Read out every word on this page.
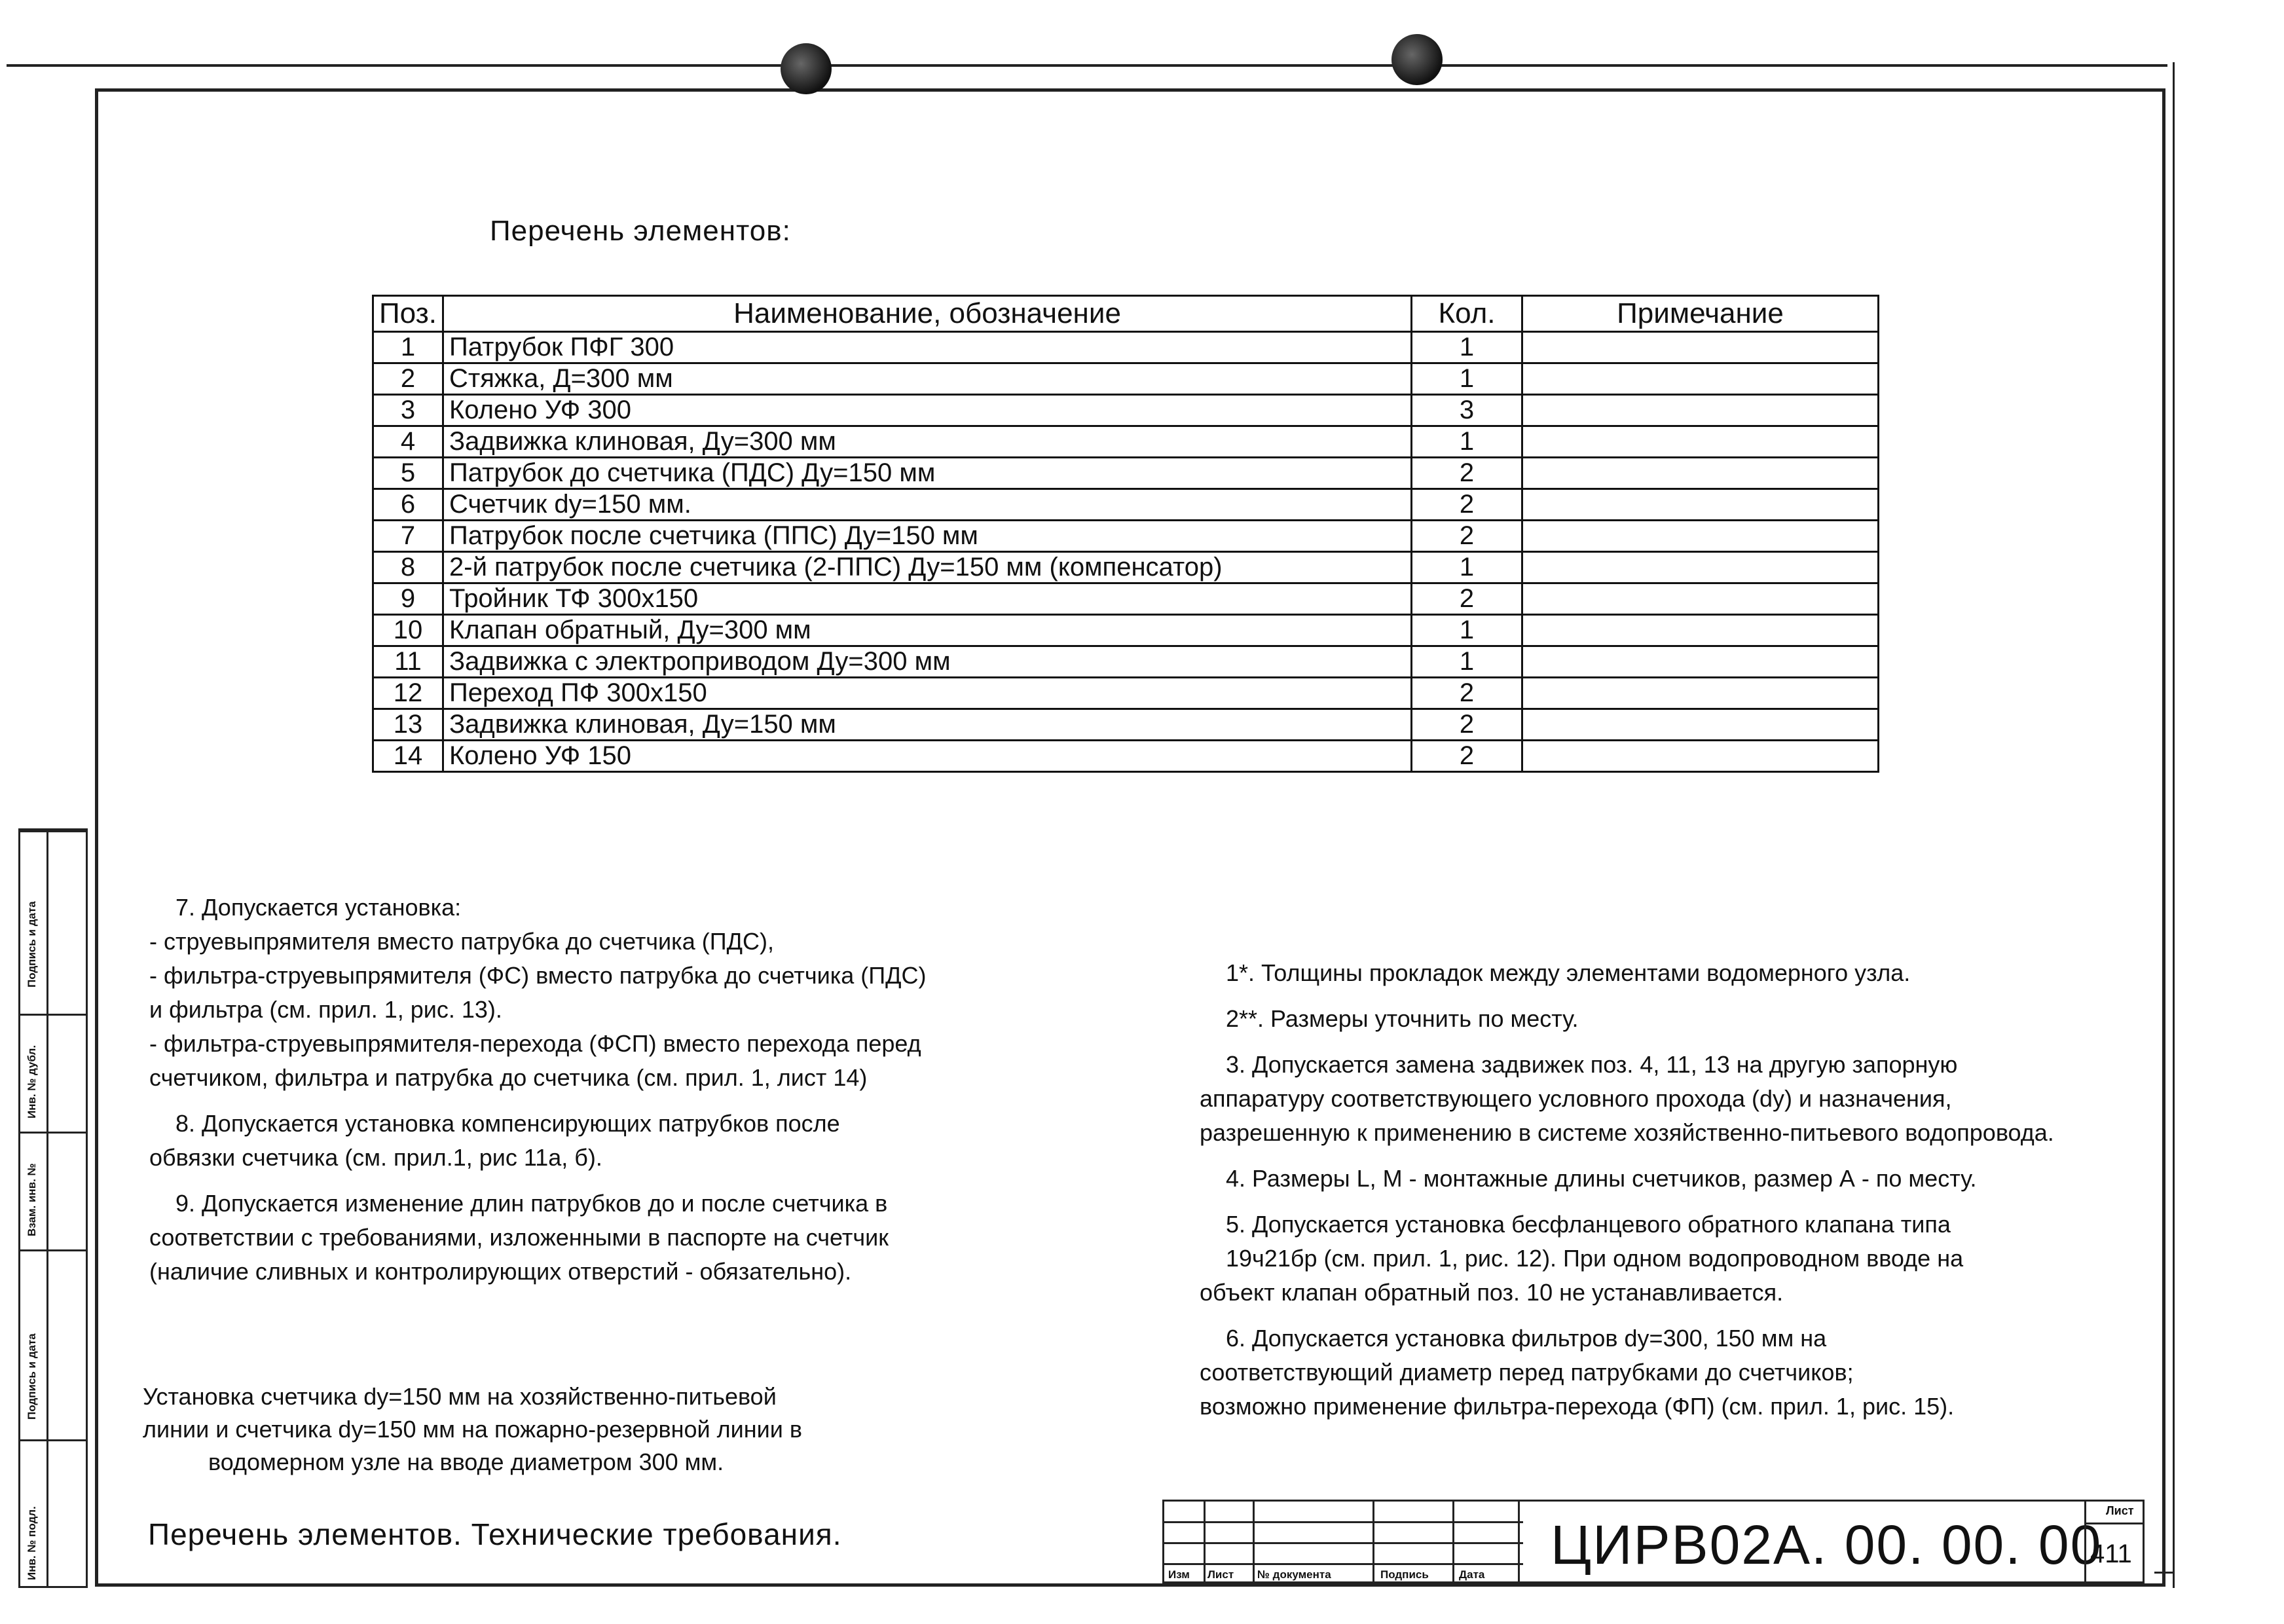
Перечень элементов:
Поз.	Наименование, обозначение	Кол.	Примечание
1	Патрубок ПФГ 300	1	
2	Стяжка, Д=300 мм	1	
3	Колено УФ 300	3	
4	Задвижка клиновая, Ду=300 мм	1	
5	Патрубок до счетчика (ПДС) Ду=150 мм	2	
6	Счетчик dy=150 мм.	2	
7	Патрубок после счетчика (ППС) Ду=150 мм	2	
8	2-й патрубок после счетчика (2-ППС) Ду=150 мм (компенсатор)	1	
9	Тройник ТФ 300х150	2	
10	Клапан обратный, Ду=300 мм	1	
11	Задвижка с электроприводом Ду=300 мм	1	
12	Переход ПФ 300х150	2	
13	Задвижка клиновая, Ду=150 мм	2	
14	Колено УФ 150	2	

7. Допускается установка:

- струевыпрямителя вместо патрубка до счетчика (ПДС),

- фильтра-струевыпрямителя (ФС) вместо патрубка до счетчика (ПДС)

и фильтра (см. прил. 1, рис. 13).

- фильтра-струевыпрямителя-перехода (ФСП) вместо перехода перед

счетчиком, фильтра и патрубка до счетчика (см. прил. 1, лист 14)

8. Допускается установка компенсирующих патрубков после

обвязки счетчика (см. прил.1, рис 11а, б).

9. Допускается изменение длин патрубков до и после счетчика в

соответствии с требованиями, изложенными в паспорте на счетчик

(наличие сливных и контролирующих отверстий - обязательно).

1*. Толщины прокладок между элементами водомерного узла.

2**. Размеры уточнить по месту.

3. Допускается замена задвижек поз. 4, 11, 13 на другую запорную

аппаратуру соответствующего условного прохода (dy) и назначения,

разрешенную к применению в системе хозяйственно-питьевого водопровода.

4. Размеры L, M - монтажные длины счетчиков, размер А - по месту.

5. Допускается установка бесфланцевого обратного клапана типа

19ч21бр (см. прил. 1, рис. 12). При одном водопроводном вводе на

объект клапан обратный поз. 10 не устанавливается.

6. Допускается установка фильтров dy=300, 150 мм на

соответствующий диаметр перед патрубками до счетчиков;

возможно применение фильтра-перехода (ФП) (см. прил. 1, рис. 15).

Установка счетчика dy=150 мм на хозяйственно-питьевой
линии и счетчика dy=150 мм на пожарно-резервной линии в
водомерном узле на вводе диаметром 300 мм.
Перечень элементов. Технические требования.
Подпись и дата
Инв. № дубл.
Взам. инв. №
Подпись и дата
Инв. № подл.	Изм Лист № документа	Подпись	Дата ЦИРВ02А. 00. 00. 00
Лист
411
